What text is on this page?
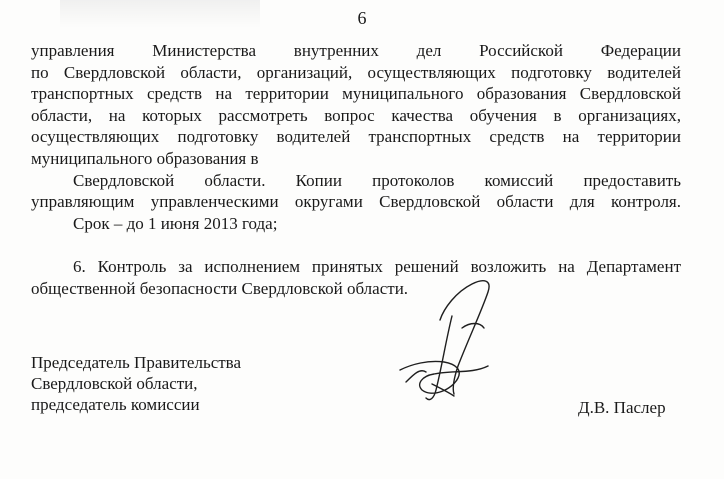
6
управления Министерства внутренних дел Российской Федерации
по Свердловской области, организаций, осуществляющих подготовку водителей
транспортных средств на территории муниципального образования Свердловской
области, на которых рассмотреть вопрос качества обучения в организациях,
осуществляющих подготовку водителей транспортных средств на территории
муниципального образования в
Свердловской области. Копии протоколов комиссий предоставить
управляющим управленческими округами Свердловской области для контроля.
Срок – до 1 июня 2013 года;
6. Контроль за исполнением принятых решений возложить на Департамент
общественной безопасности Свердловской области.
Председатель Правительства
Свердловской области,
председатель комиссии	Д.В. Паслер
